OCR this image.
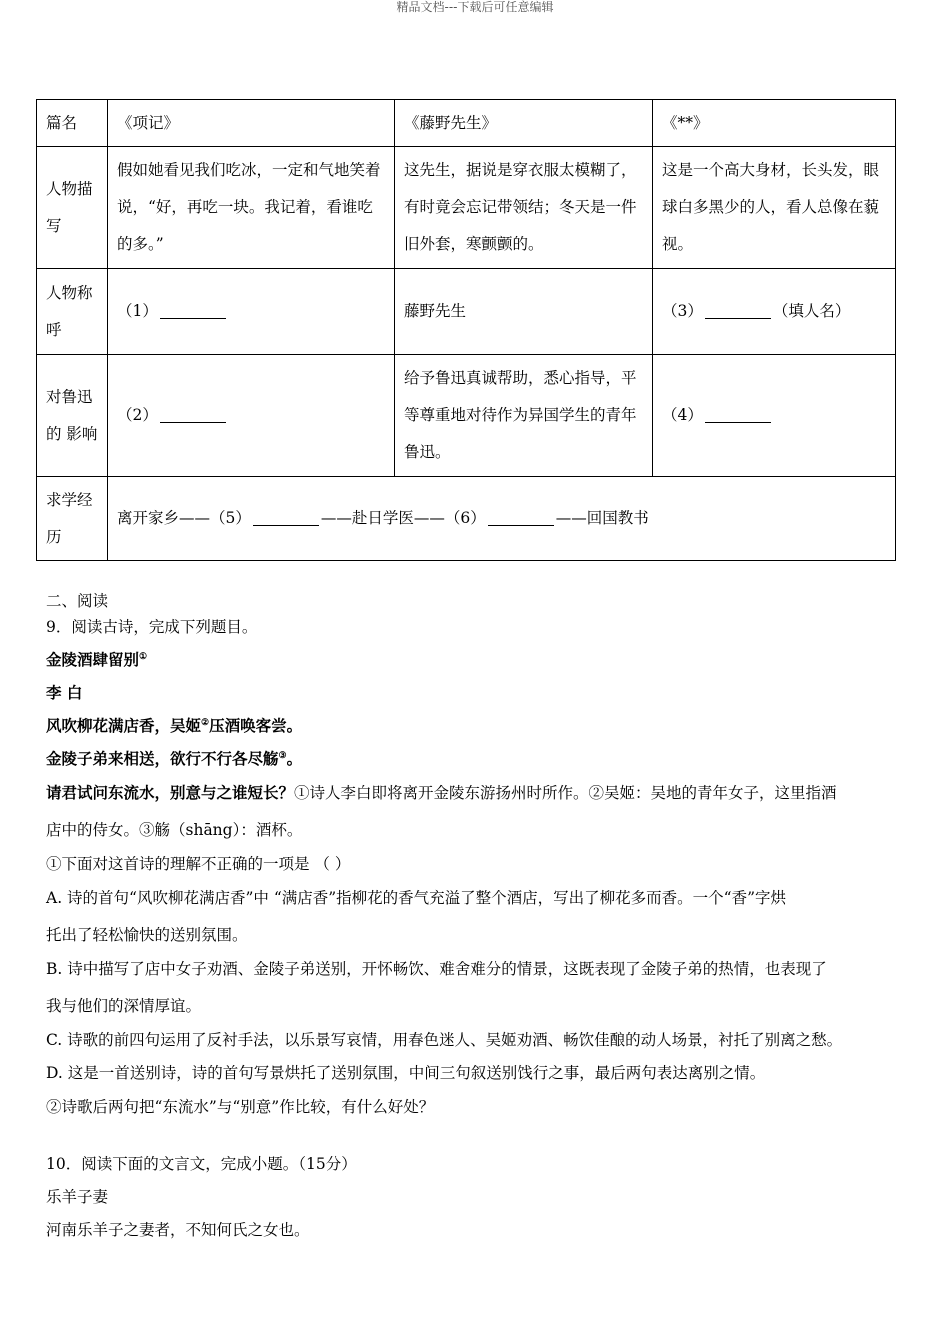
精品文档---下载后可任意编辑
篇名	《项记》	《藤野先生》	《**》
人物描写	假如她看见我们吃冰，一定和气地笑着说，“好，再吃一块。我记着，看谁吃的多。”	这先生，据说是穿衣服太模糊了，有时竟会忘记带领结；冬天是一件旧外套，寒颤颤的。	这是一个高大身材，长头发，眼球白多黑少的人，看人总像在藐视。
人物称呼	（1）	藤野先生	（3） （填人名）
对鲁迅的 影响	（2）	给予鲁迅真诚帮助，悉心指导，平等尊重地对待作为异国学生的青年鲁迅。	（4）
求学经历	离开家乡——（5） ——赴日学医——（6） ——回国教书		
二、阅读
9．阅读古诗，完成下列题目。
金陵酒肆留别①
李 白
风吹柳花满店香，吴姬②压酒唤客尝。
金陵子弟来相送，欲行不行各尽觞③。
请君试问东流水，别意与之谁短长？①诗人李白即将离开金陵东游扬州时所作。②吴姬：吴地的青年女子，这里指酒
店中的侍女。③觞（shāng）：酒杯。
①下面对这首诗的理解不正确的一项是 （ ）
A. 诗的首句“风吹柳花满店香”中 “满店香”指柳花的香气充溢了整个酒店，写出了柳花多而香。一个“香”字烘
托出了轻松愉快的送别氛围。
B. 诗中描写了店中女子劝酒、金陵子弟送别，开怀畅饮、难舍难分的情景，这既表现了金陵子弟的热情，也表现了
我与他们的深情厚谊。
C. 诗歌的前四句运用了反衬手法，以乐景写哀情，用春色迷人、吴姬劝酒、畅饮佳酿的动人场景，衬托了别离之愁。
D. 这是一首送别诗，诗的首句写景烘托了送别氛围，中间三句叙送别饯行之事，最后两句表达离别之情。
②诗歌后两句把“东流水”与“别意”作比较，有什么好处？
10．阅读下面的文言文，完成小题。（15分）
乐羊子妻
河南乐羊子之妻者，不知何氏之女也。
